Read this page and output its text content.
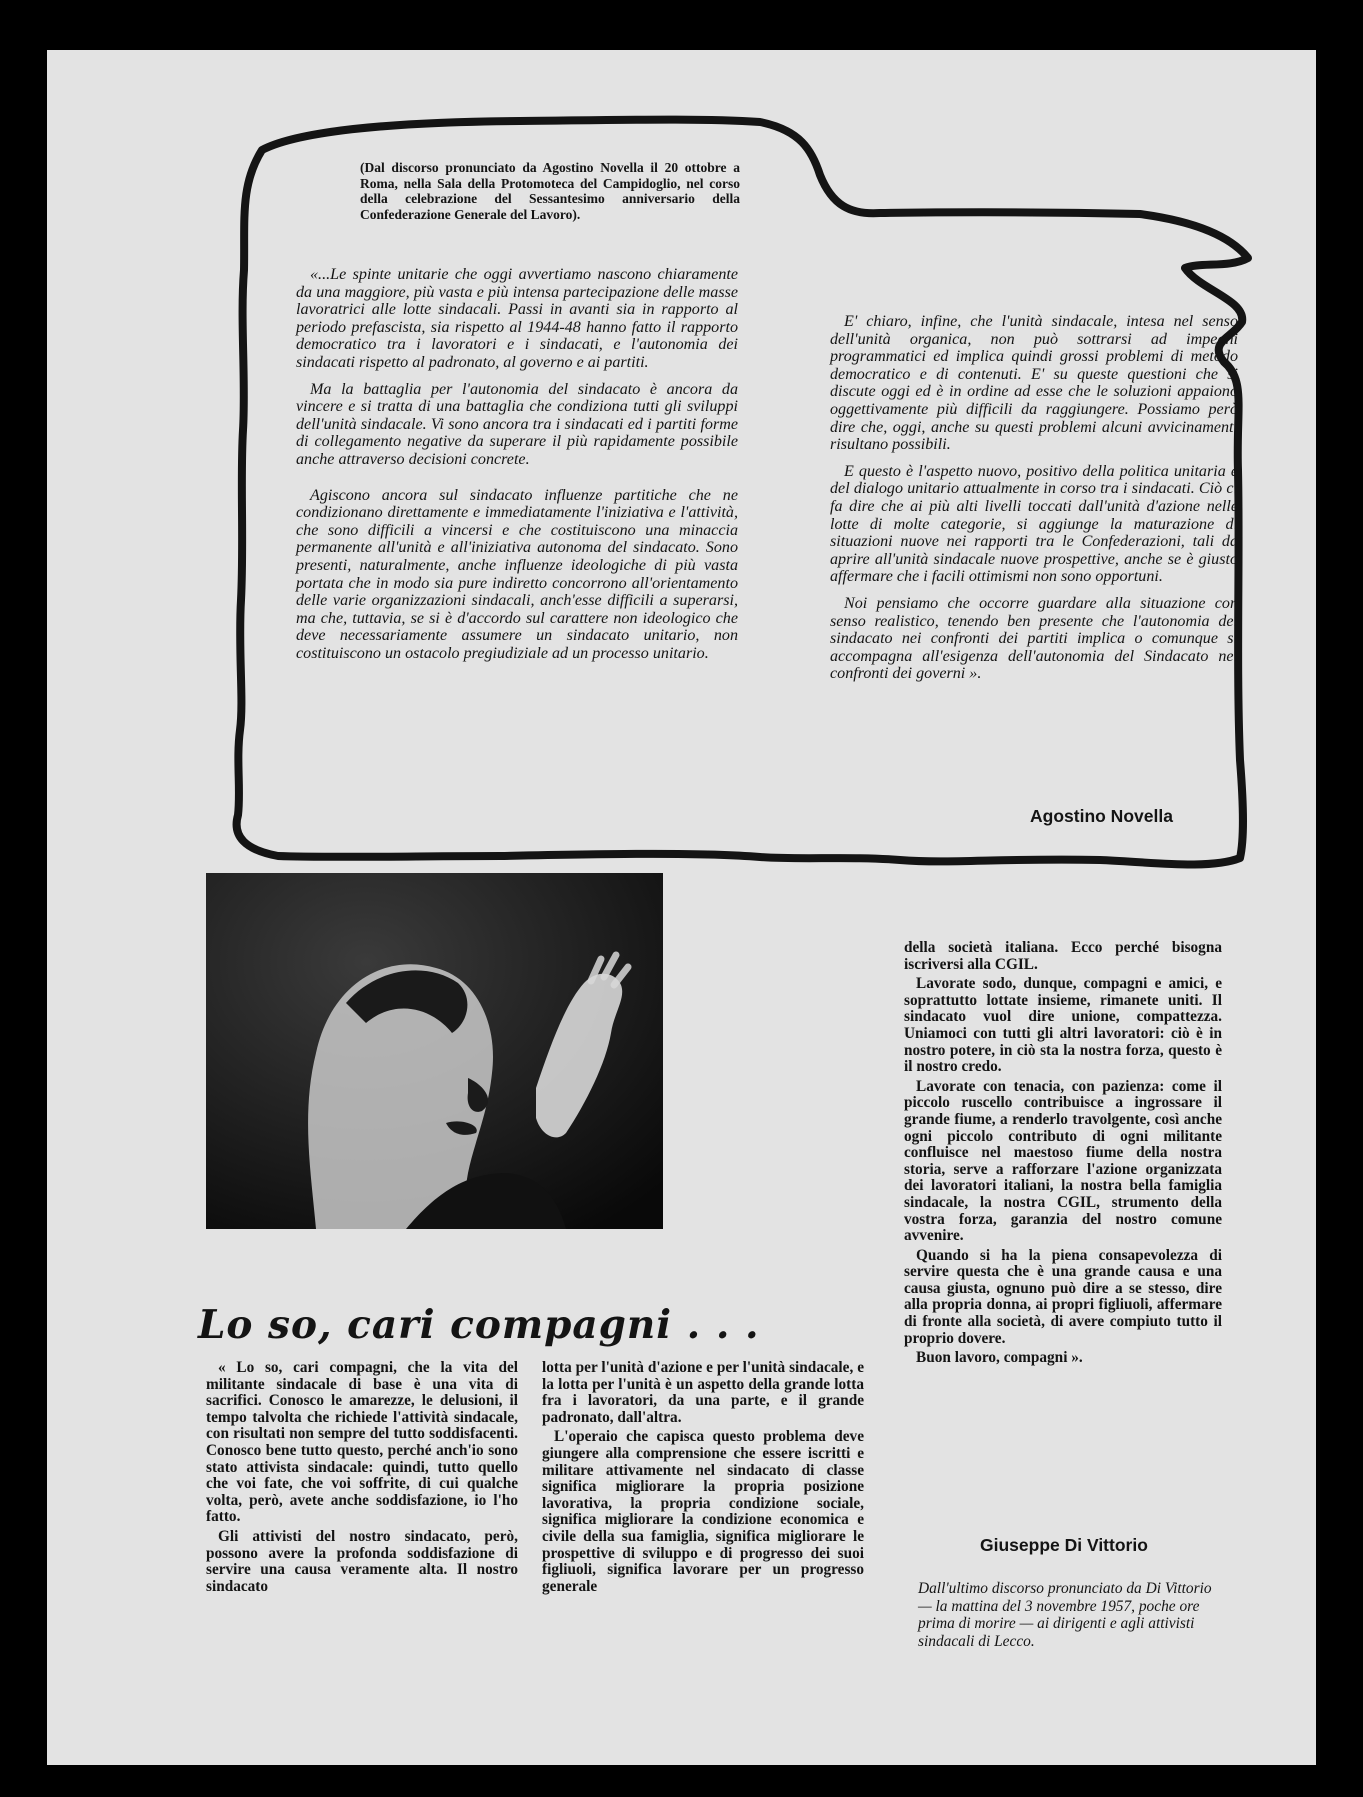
(Dal discorso pronunciato da Agostino Novella il 20 ottobre a Roma, nella Sala della Protomoteca del Campidoglio, nel corso della celebrazione del Sessantesimo anniversario della Confederazione Generale del Lavoro).

«...Le spinte unitarie che oggi avvertiamo nascono chiaramente da una maggiore, più vasta e più intensa partecipazione delle masse lavoratrici alle lotte sindacali. Passi in avanti sia in rapporto al periodo prefascista, sia rispetto al 1944-48 hanno fatto il rapporto democratico tra i lavoratori e i sindacati, e l'autonomia dei sindacati rispetto al padronato, al governo e ai partiti.

Ma la battaglia per l'autonomia del sindacato è ancora da vincere e si tratta di una battaglia che condiziona tutti gli sviluppi dell'unità sindacale. Vi sono ancora tra i sindacati ed i partiti forme di collegamento negative da superare il più rapidamente possibile anche attraverso decisioni concrete.

Agiscono ancora sul sindacato influenze partitiche che ne condizionano direttamente e immediatamente l'iniziativa e l'attività, che sono difficili a vincersi e che costituiscono una minaccia permanente all'unità e all'iniziativa autonoma del sindacato. Sono presenti, naturalmente, anche influenze ideologiche di più vasta portata che in modo sia pure indiretto concorrono all'orientamento delle varie organizzazioni sindacali, anch'esse difficili a superarsi, ma che, tuttavia, se si è d'accordo sul carattere non ideologico che deve necessariamente assumere un sindacato unitario, non costituiscono un ostacolo pregiudiziale ad un processo unitario.

E' chiaro, infine, che l'unità sindacale, intesa nel senso dell'unità organica, non può sottrarsi ad impegni programmatici ed implica quindi grossi problemi di metodo democratico e di contenuti. E' su queste questioni che si discute oggi ed è in ordine ad esse che le soluzioni appaiono oggettivamente più difficili da raggiungere. Possiamo però dire che, oggi, anche su questi problemi alcuni avvicinamenti risultano possibili.

E questo è l'aspetto nuovo, positivo della politica unitaria e del dialogo unitario attualmente in corso tra i sindacati. Ciò ci fa dire che ai più alti livelli toccati dall'unità d'azione nelle lotte di molte categorie, si aggiunge la maturazione di situazioni nuove nei rapporti tra le Confederazioni, tali da aprire all'unità sindacale nuove prospettive, anche se è giusto affermare che i facili ottimismi non sono opportuni.

Noi pensiamo che occorre guardare alla situazione con senso realistico, tenendo ben presente che l'autonomia del sindacato nei confronti dei partiti implica o comunque si accompagna all'esigenza dell'autonomia del Sindacato nei confronti dei governi ».

Agostino Novella
Lo so, cari compagni . . .

« Lo so, cari compagni, che la vita del militante sindacale di base è una vita di sacrifici. Conosco le amarezze, le delusioni, il tempo talvolta che richiede l'attività sindacale, con risultati non sempre del tutto soddisfacenti. Conosco bene tutto questo, perché anch'io sono stato attivista sindacale: quindi, tutto quello che voi fate, che voi soffrite, di cui qualche volta, però, avete anche soddisfazione, io l'ho fatto.

Gli attivisti del nostro sindacato, però, possono avere la profonda soddisfazione di servire una causa veramente alta. Il nostro sindacato

lotta per l'unità d'azione e per l'unità sindacale, e la lotta per l'unità è un aspetto della grande lotta fra i lavoratori, da una parte, e il grande padronato, dall'altra.

L'operaio che capisca questo problema deve giungere alla comprensione che essere iscritti e militare attivamente nel sindacato di classe significa migliorare la propria posizione lavorativa, la propria condizione sociale, significa migliorare la condizione economica e civile della sua famiglia, significa migliorare le prospettive di sviluppo e di progresso dei suoi figliuoli, significa lavorare per un progresso generale

della società italiana. Ecco perché bisogna iscriversi alla CGIL.

Lavorate sodo, dunque, compagni e amici, e soprattutto lottate insieme, rimanete uniti. Il sindacato vuol dire unione, compattezza. Uniamoci con tutti gli altri lavoratori: ciò è in nostro potere, in ciò sta la nostra forza, questo è il nostro credo.

Lavorate con tenacia, con pazienza: come il piccolo ruscello contribuisce a ingrossare il grande fiume, a renderlo travolgente, così anche ogni piccolo contributo di ogni militante confluisce nel maestoso fiume della nostra storia, serve a rafforzare l'azione organizzata dei lavoratori italiani, la nostra bella famiglia sindacale, la nostra CGIL, strumento della vostra forza, garanzia del nostro comune avvenire.

Quando si ha la piena consapevolezza di servire questa che è una grande causa e una causa giusta, ognuno può dire a se stesso, dire alla propria donna, ai propri figliuoli, affermare di fronte alla società, di avere compiuto tutto il proprio dovere.

Buon lavoro, compagni ».

Giuseppe Di Vittorio
Dall'ultimo discorso pronunciato da Di Vittorio — la mattina del 3 novembre 1957, poche ore prima di morire — ai dirigenti e agli attivisti sindacali di Lecco.
